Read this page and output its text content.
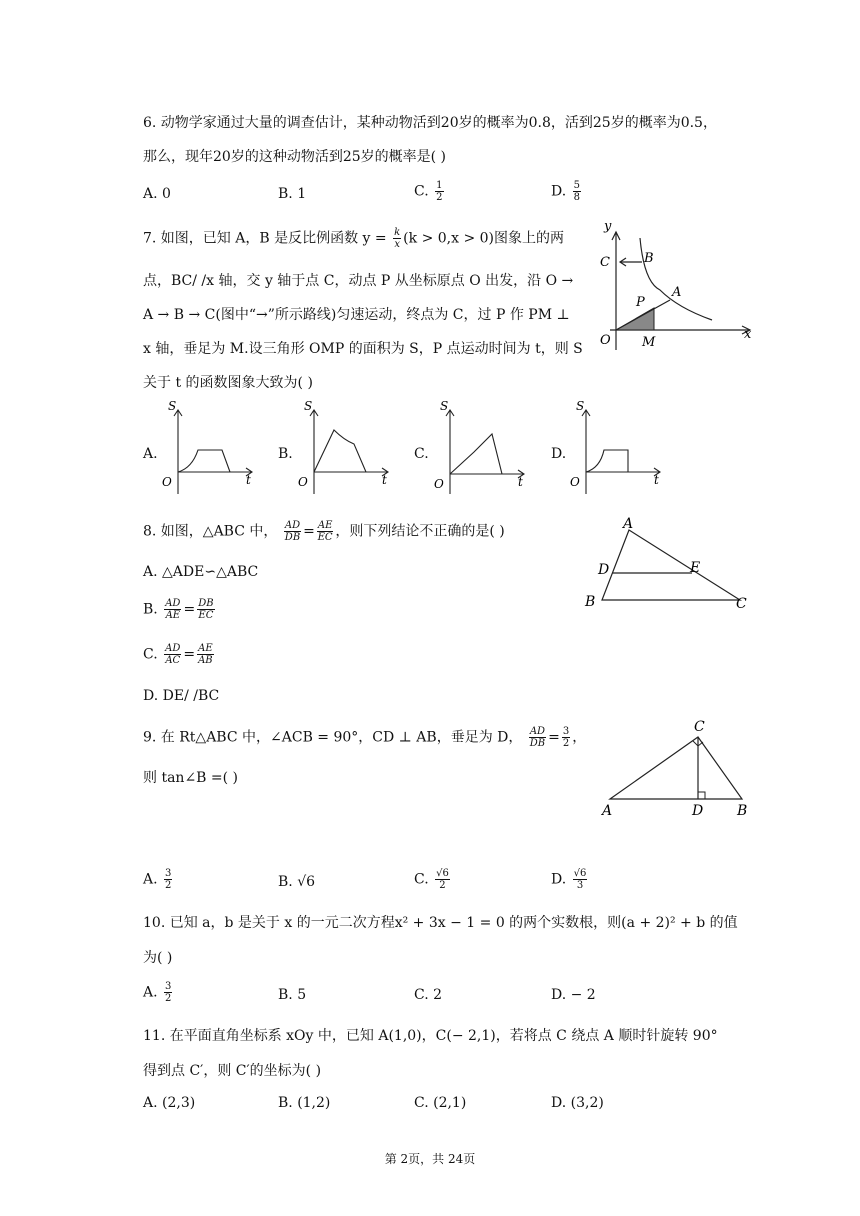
6. 动物学家通过大量的调查估计，某种动物活到20岁的概率为0.8，活到25岁的概率为0.5，
那么，现年20岁的这种动物活到25岁的概率是( )
A. 0	B. 1	C. $\frac{1}{2}$	D. $\frac{5}{8}$
7. 如图，已知 A，B 是反比例函数 $y = \frac{k}{x} (k > 0,x > 0)$图象上的两
点，BC/ /x 轴，交 y 轴于点 C，动点 P 从坐标原点 O 出发，沿 O →
A → B → C(图中“→”所示路线)匀速运动，终点为 C，过 P 作 PM ⊥
x 轴，垂足为 M.设三角形 OMP 的面积为 S，P 点运动时间为 t，则 S
关于 t 的函数图象大致为( )
y
x
C	B
A
P
O M
A.
S
O	t
B.
S
O	t
C.
S
O	t
D.
S
O	t
8. 如图，△ABC 中， $\frac{AD}{DB} = \frac{AE}{EC}$ ，则下列结论不正确的是( )
A. △ADE∽△ABC
B. $\frac{AD}{AE} = \frac{DB}{EC}$
C. $\frac{AD}{AC} = \frac{AE}{AB}$
D. DE/ /BC
A
B	C
D	E
9. 在 Rt△ABC 中，∠ACB = 90°，CD ⊥ AB，垂足为 D， $\frac{AD}{DB} = \frac{3}{2}$ ，
则 tan∠B =( )
C
A	D B
A. $\frac{3}{2}$	B. √6	C. $\frac{√6}{2}$	D. $\frac{√6}{3}$
10. 已知 a，b 是关于 x 的一元二次方程x² + 3x − 1 = 0 的两个实数根，则(a + 2)² + b 的值
为( )
A. $\frac{3}{2}$	B. 5	C. 2	D. − 2
11. 在平面直角坐标系 xOy 中，已知 A(1,0)，C(− 2,1)，若将点 C 绕点 A 顺时针旋转 90°
得到点 C′，则 C′的坐标为( )
A. (2,3)	B. (1,2)	C. (2,1)	D. (3,2)
第 2页，共 24页
